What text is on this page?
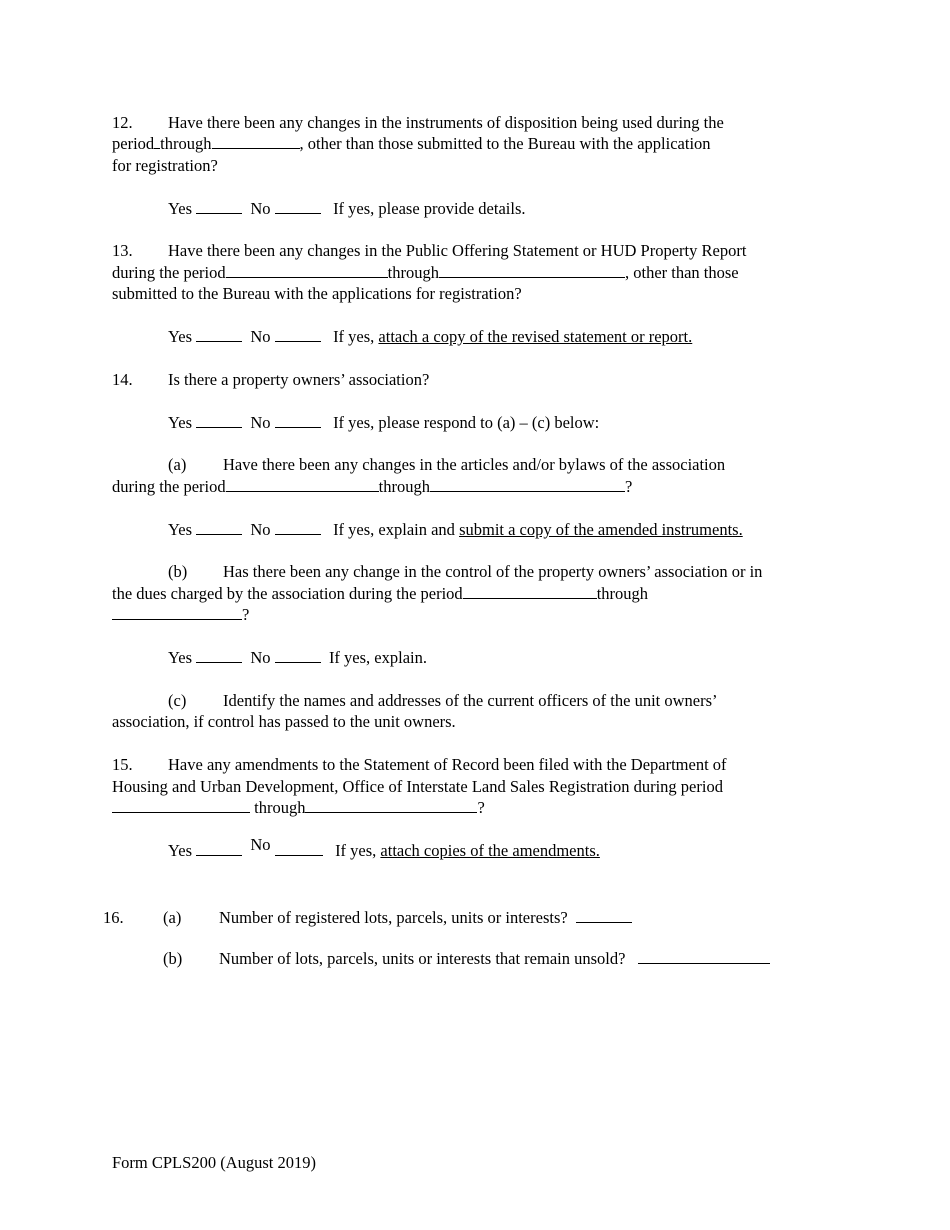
12. Have there been any changes in the instruments of disposition being used during the
period through	, other than those submitted to the Bureau with the application
for registration?
Yes	No	If yes, please provide details.
13. Have there been any changes in the Public Offering Statement or HUD Property Report
during the period	through	, other than those
submitted to the Bureau with the applications for registration?
Yes	No	If yes, attach a copy of the revised statement or report.
14. Is there a property owners’ association?
Yes	No	If yes, please respond to (a) – (c) below:
(a) Have there been any changes in the articles and/or bylaws of the association
during the period	through	?
Yes	No	If yes, explain and submit a copy of the amended instruments.
(b) Has there been any change in the control of the property owners’ association or in
the dues charged by the association during the period	through
?
Yes	No	If yes, explain.
(c) Identify the names and addresses of the current officers of the unit owners’
association, if control has passed to the unit owners.
15. Have any amendments to the Statement of Record been filed with the Department of
Housing and Urban Development, Office of Interstate Land Sales Registration during period
through	?
Yes	No	If yes, attach copies of the amendments.
16. (a) Number of registered lots, parcels, units or interests?
(b) Number of lots, parcels, units or interests that remain unsold?
Form CPLS200 (August 2019)
